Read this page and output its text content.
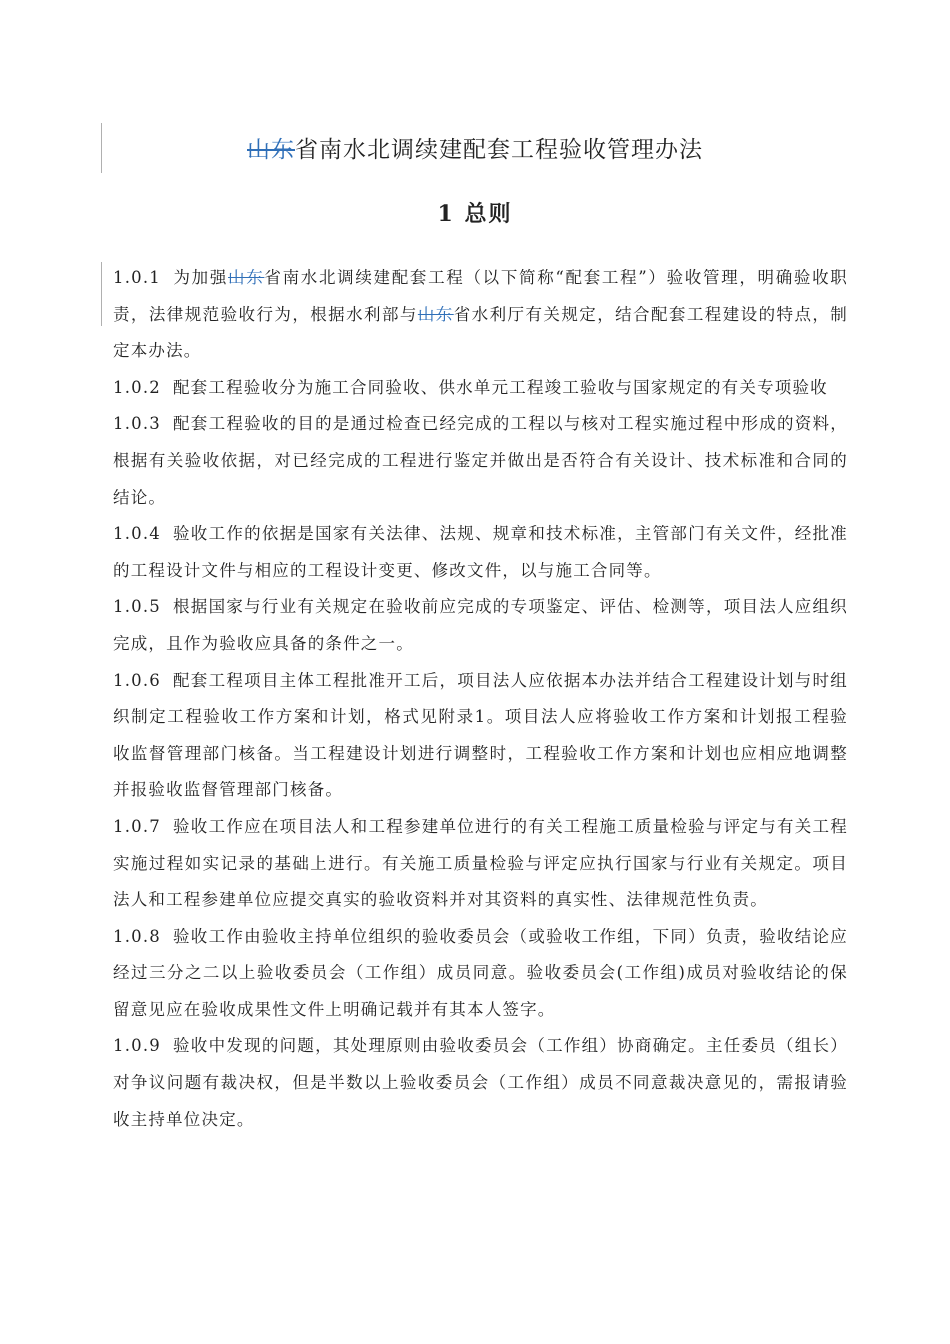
山东省南水北调续建配套工程验收管理办法
1 总则

1.0.1 为加强山东省南水北调续建配套工程（以下简称“配套工程”）验收管理，明确验收职责，法律规范验收行为，根据水利部与山东省水利厅有关规定，结合配套工程建设的特点，制定本办法。

1.0.2 配套工程验收分为施工合同验收、供水单元工程竣工验收与国家规定的有关专项验收

1.0.3 配套工程验收的目的是通过检查已经完成的工程以与核对工程实施过程中形成的资料，根据有关验收依据，对已经完成的工程进行鉴定并做出是否符合有关设计、技术标准和合同的结论。

1.0.4 验收工作的依据是国家有关法律、法规、规章和技术标准，主管部门有关文件，经批准的工程设计文件与相应的工程设计变更、修改文件，以与施工合同等。

1.0.5 根据国家与行业有关规定在验收前应完成的专项鉴定、评估、检测等，项目法人应组织完成，且作为验收应具备的条件之一。

1.0.6 配套工程项目主体工程批准开工后，项目法人应依据本办法并结合工程建设计划与时组织制定工程验收工作方案和计划，格式见附录1。项目法人应将验收工作方案和计划报工程验收监督管理部门核备。当工程建设计划进行调整时，工程验收工作方案和计划也应相应地调整并报验收监督管理部门核备。

1.0.7 验收工作应在项目法人和工程参建单位进行的有关工程施工质量检验与评定与有关工程实施过程如实记录的基础上进行。有关施工质量检验与评定应执行国家与行业有关规定。项目法人和工程参建单位应提交真实的验收资料并对其资料的真实性、法律规范性负责。

1.0.8 验收工作由验收主持单位组织的验收委员会（或验收工作组，下同）负责，验收结论应经过三分之二以上验收委员会（工作组）成员同意。验收委员会(工作组)成员对验收结论的保留意见应在验收成果性文件上明确记载并有其本人签字。

1.0.9 验收中发现的问题，其处理原则由验收委员会（工作组）协商确定。主任委员（组长）对争议问题有裁决权，但是半数以上验收委员会（工作组）成员不同意裁决意见的，需报请验收主持单位决定。
